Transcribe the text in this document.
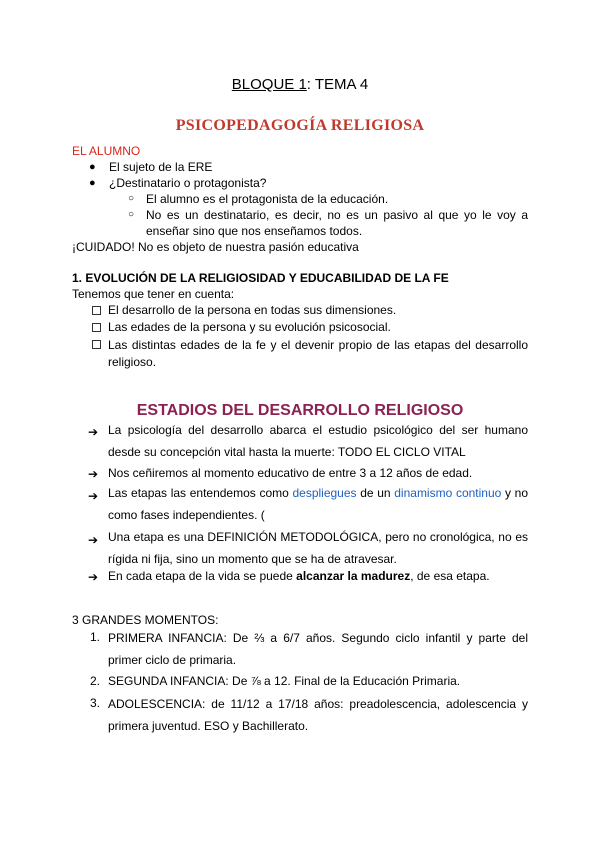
BLOQUE 1: TEMA 4
PSICOPEDAGOGÍA RELIGIOSA
EL ALUMNO
● El sujeto de la ERE
● ¿Destinatario o protagonista?
○ El alumno es el protagonista de la educación.
○ No es un destinatario, es decir, no es un pasivo al que yo le voy a enseñar sino que nos enseñamos todos.
¡CUIDADO! No es objeto de nuestra pasión educativa
1. EVOLUCIÓN DE LA RELIGIOSIDAD Y EDUCABILIDAD DE LA FE
Tenemos que tener en cuenta:
El desarrollo de la persona en todas sus dimensiones.
Las edades de la persona y su evolución psicosocial.
Las distintas edades de la fe y el devenir propio de las etapas del desarrollo religioso.
ESTADIOS DEL DESARROLLO RELIGIOSO
➔ La psicología del desarrollo abarca el estudio psicológico del ser humano desde su concepción vital hasta la muerte: TODO EL CICLO VITAL
➔ Nos ceñiremos al momento educativo de entre 3 a 12 años de edad.
➔ Las etapas las entendemos como despliegues de un dinamismo continuo y no como fases independientes. (
➔ Una etapa es una DEFINICIÓN METODOLÓGICA, pero no cronológica, no es rígida ni fija, sino un momento que se ha de atravesar.
➔ En cada etapa de la vida se puede alcanzar la madurez, de esa etapa.
3 GRANDES MOMENTOS:
1. PRIMERA INFANCIA: De ⅔ a 6/7 años. Segundo ciclo infantil y parte del primer ciclo de primaria.
2. SEGUNDA INFANCIA: De ⅞ a 12. Final de la Educación Primaria.
3. ADOLESCENCIA: de 11/12 a 17/18 años: preadolescencia, adolescencia y primera juventud. ESO y Bachillerato.
